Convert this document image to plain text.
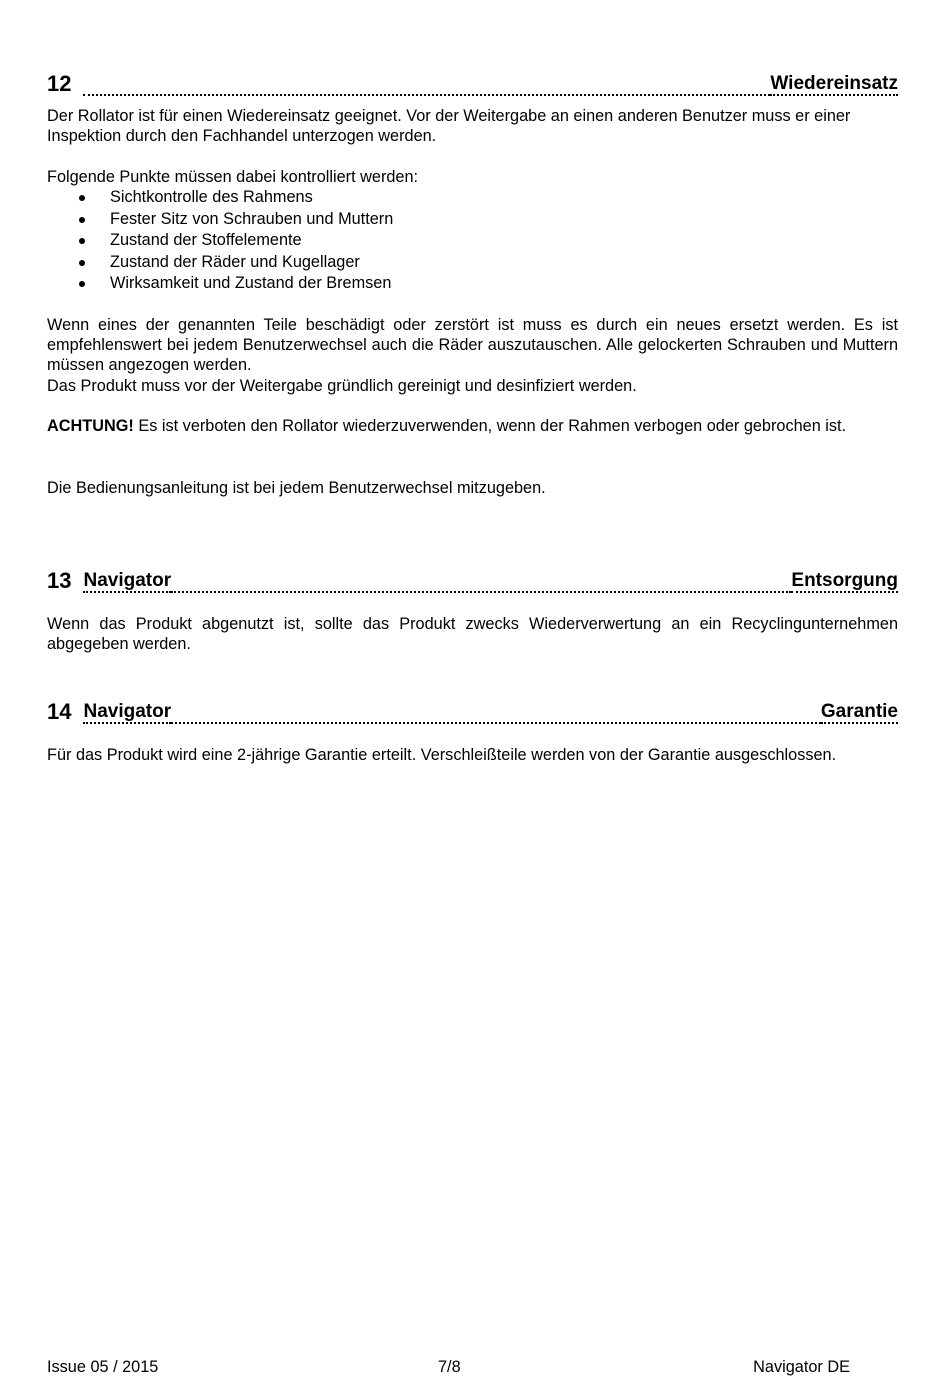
12	Wiedereinsatz

Der Rollator ist für einen Wiedereinsatz geeignet. Vor der Weitergabe an einen anderen Benutzer muss er einer Inspektion durch den Fachhandel unterzogen werden.

Folgende Punkte müssen dabei kontrolliert werden:

Sichtkontrolle des Rahmens
Fester Sitz von Schrauben und Muttern
Zustand der Stoffelemente
Zustand der Räder und Kugellager
Wirksamkeit und Zustand der Bremsen

Wenn eines der genannten Teile beschädigt oder zerstört ist muss es durch ein neues ersetzt werden. Es ist empfehlenswert bei jedem Benutzerwechsel auch die Räder auszutauschen. Alle gelockerten Schrauben und Muttern müssen angezogen werden.

Das Produkt muss vor der Weitergabe gründlich gereinigt und desinfiziert werden.

ACHTUNG! Es ist verboten den Rollator wiederzuverwenden, wenn der Rahmen verbogen oder gebrochen ist.

Die Bedienungsanleitung ist bei jedem Benutzerwechsel mitzugeben.

13 Navigator	Entsorgung

Wenn das Produkt abgenutzt ist, sollte das Produkt zwecks Wiederverwertung an ein Recyclingunternehmen abgegeben werden.

14 Navigator	Garantie

Für das Produkt wird eine 2-jährige Garantie erteilt. Verschleißteile werden von der Garantie ausgeschlossen.

Issue 05 / 2015	7/8	Navigator DE
